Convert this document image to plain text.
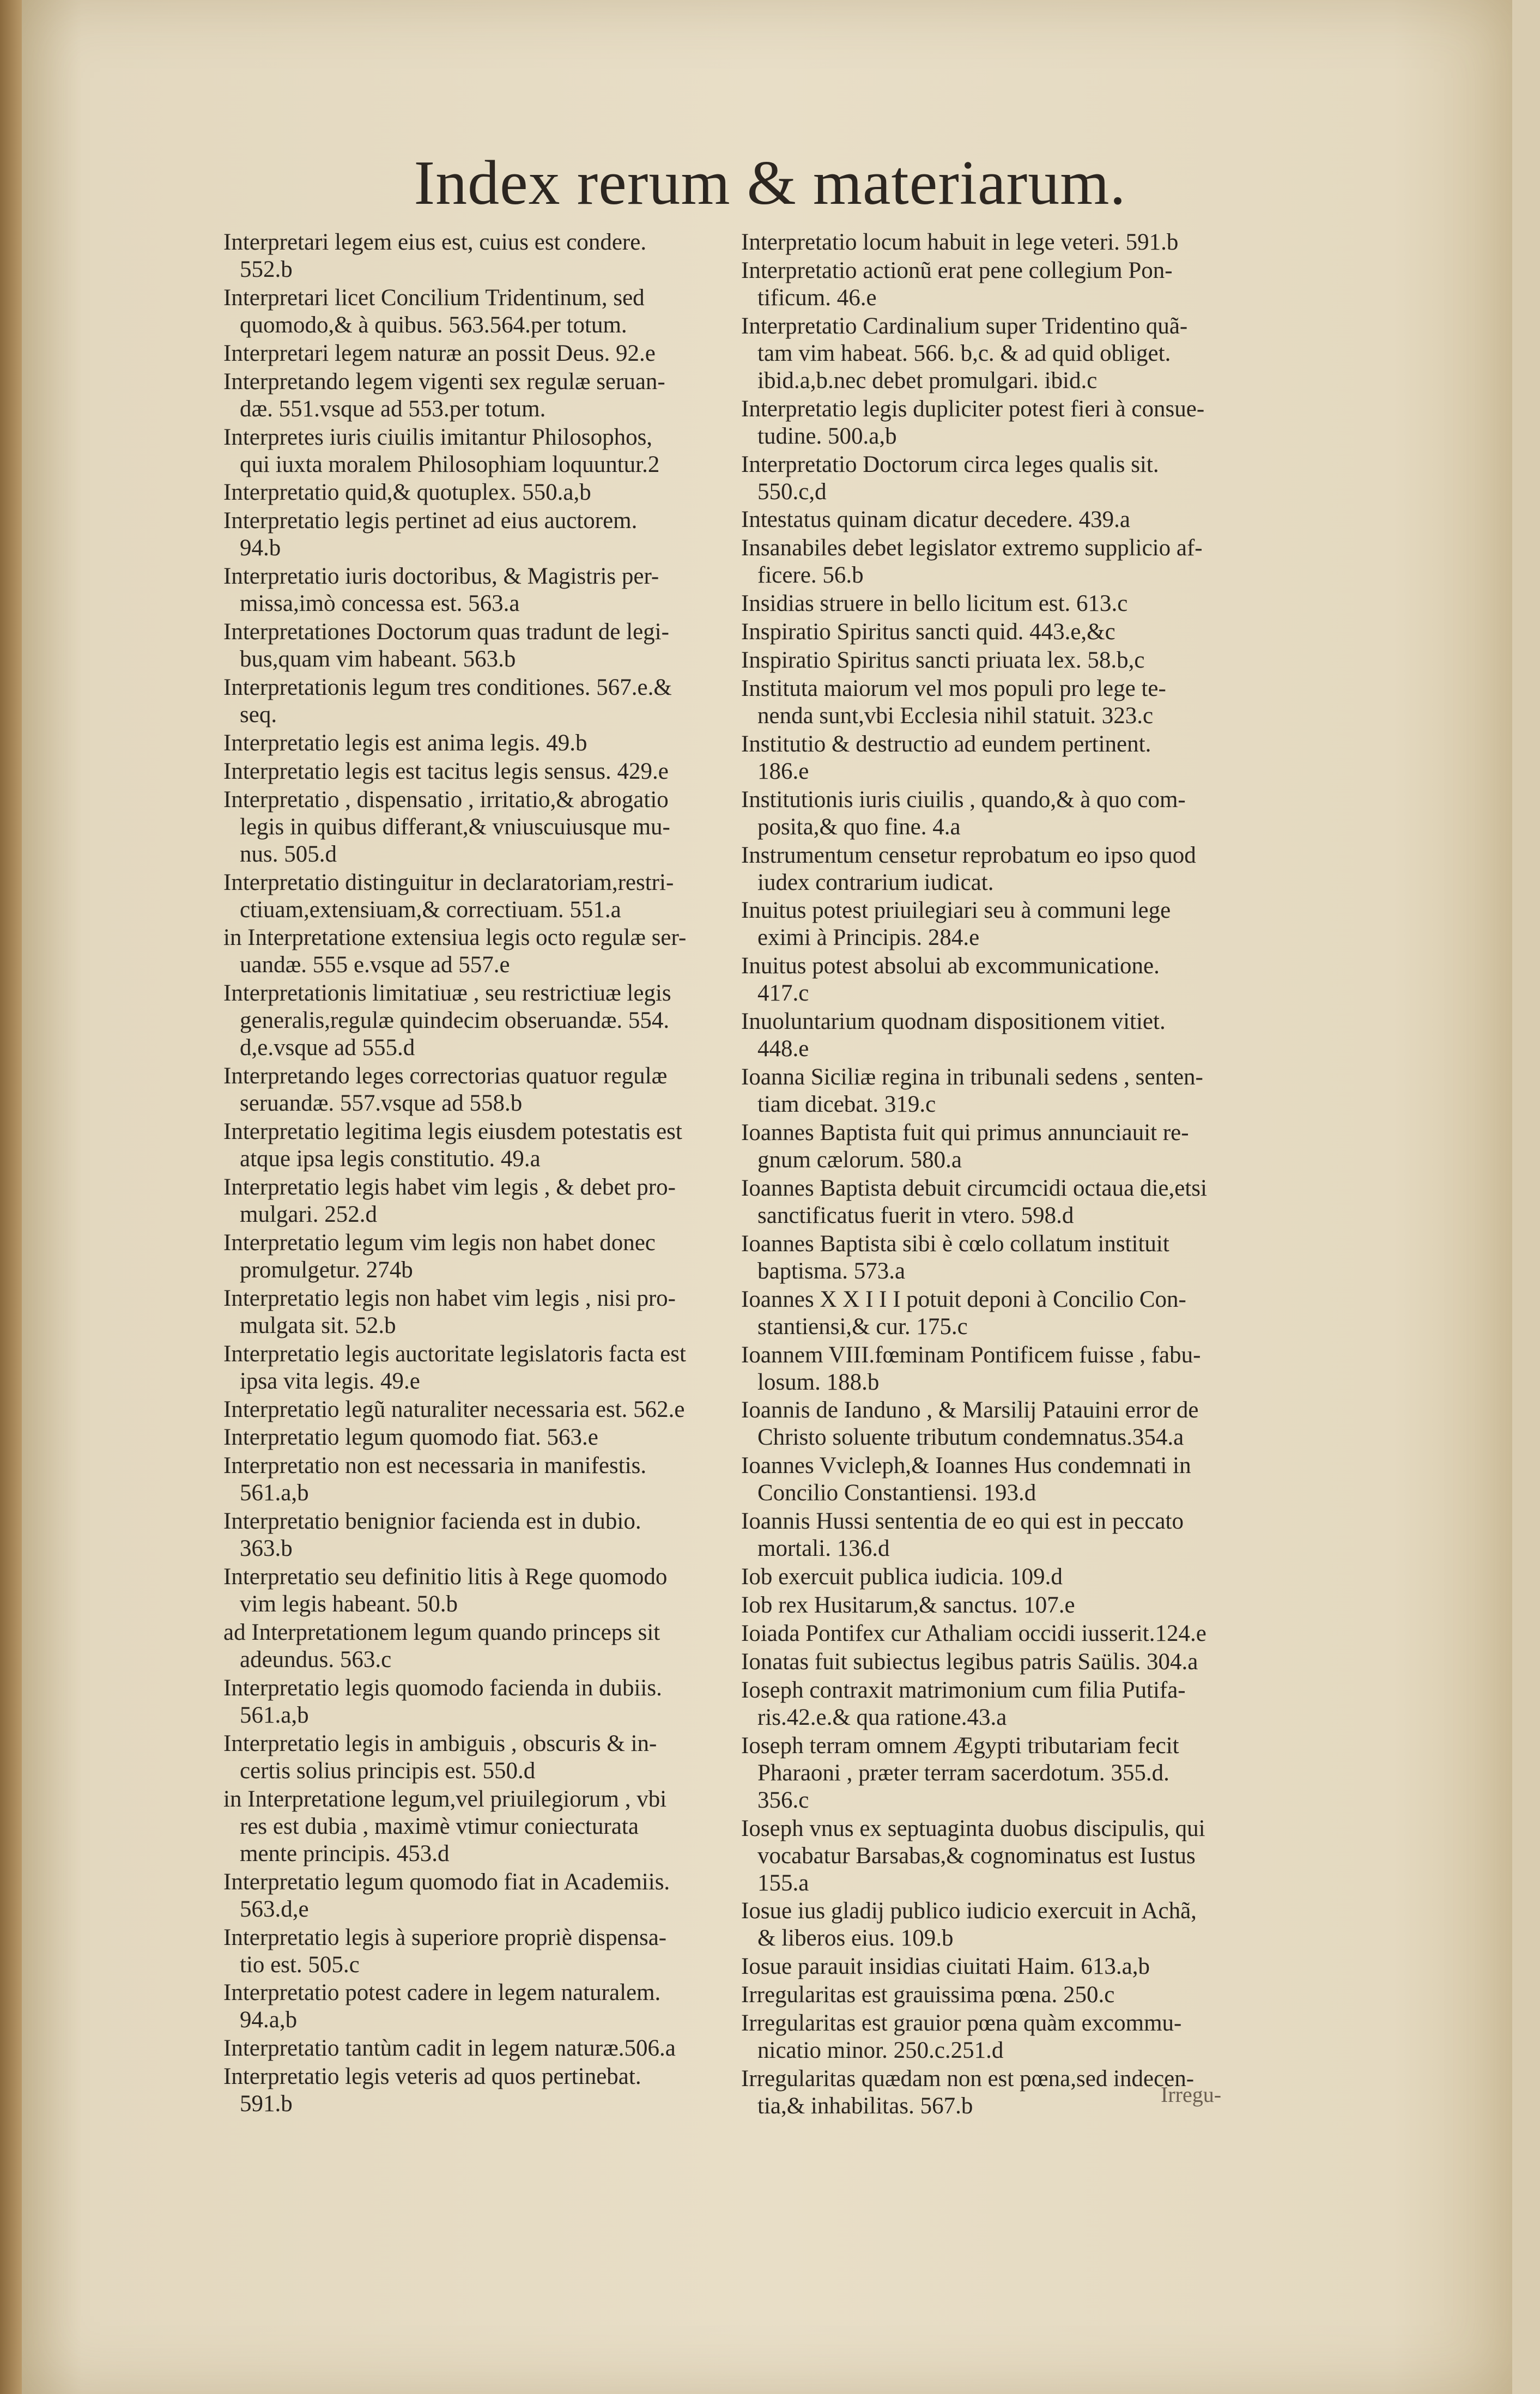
Index rerum & materiarum.
Interpretari legem eius est, cuius est condere.
552.b
Interpretari licet Concilium Tridentinum, sed
quomodo,& à quibus. 563.564.per totum.
Interpretari legem naturæ an possit Deus. 92.e
Interpretando legem vigenti sex regulæ seruan-
dæ. 551.vsque ad 553.per totum.
Interpretes iuris ciuilis imitantur Philosophos,
qui iuxta moralem Philosophiam loquuntur.2
Interpretatio quid,& quotuplex. 550.a,b
Interpretatio legis pertinet ad eius auctorem.
94.b
Interpretatio iuris doctoribus, & Magistris per-
missa,imò concessa est. 563.a
Interpretationes Doctorum quas tradunt de legi-
bus,quam vim habeant. 563.b
Interpretationis legum tres conditiones. 567.e.&
seq.
Interpretatio legis est anima legis. 49.b
Interpretatio legis est tacitus legis sensus. 429.e
Interpretatio , dispensatio , irritatio,& abrogatio
legis in quibus differant,& vniuscuiusque mu-
nus. 505.d
Interpretatio distinguitur in declaratoriam,restri-
ctiuam,extensiuam,& correctiuam. 551.a
in Interpretatione extensiua legis octo regulæ ser-
uandæ. 555 e.vsque ad 557.e
Interpretationis limitatiuæ , seu restrictiuæ legis
generalis,regulæ quindecim obseruandæ. 554.
d,e.vsque ad 555.d
Interpretando leges correctorias quatuor regulæ
seruandæ. 557.vsque ad 558.b
Interpretatio legitima legis eiusdem potestatis est
atque ipsa legis constitutio. 49.a
Interpretatio legis habet vim legis , & debet pro-
mulgari. 252.d
Interpretatio legum vim legis non habet donec
promulgetur. 274b
Interpretatio legis non habet vim legis , nisi pro-
mulgata sit. 52.b
Interpretatio legis auctoritate legislatoris facta est
ipsa vita legis. 49.e
Interpretatio legũ naturaliter necessaria est. 562.e
Interpretatio legum quomodo fiat. 563.e
Interpretatio non est necessaria in manifestis.
561.a,b
Interpretatio benignior facienda est in dubio.
363.b
Interpretatio seu definitio litis à Rege quomodo
vim legis habeant. 50.b
ad Interpretationem legum quando princeps sit
adeundus. 563.c
Interpretatio legis quomodo facienda in dubiis.
561.a,b
Interpretatio legis in ambiguis , obscuris & in-
certis solius principis est. 550.d
in Interpretatione legum,vel priuilegiorum , vbi
res est dubia , maximè vtimur coniecturata
mente principis. 453.d
Interpretatio legum quomodo fiat in Academiis.
563.d,e
Interpretatio legis à superiore propriè dispensa-
tio est. 505.c
Interpretatio potest cadere in legem naturalem.
94.a,b
Interpretatio tantùm cadit in legem naturæ.506.a
Interpretatio legis veteris ad quos pertinebat.
591.b
Interpretatio locum habuit in lege veteri. 591.b
Interpretatio actionũ erat pene collegium Pon-
tificum. 46.e
Interpretatio Cardinalium super Tridentino quã-
tam vim habeat. 566. b,c. & ad quid obliget.
ibid.a,b.nec debet promulgari. ibid.c
Interpretatio legis dupliciter potest fieri à consue-
tudine. 500.a,b
Interpretatio Doctorum circa leges qualis sit.
550.c,d
Intestatus quinam dicatur decedere. 439.a
Insanabiles debet legislator extremo supplicio af-
ficere. 56.b
Insidias struere in bello licitum est. 613.c
Inspiratio Spiritus sancti quid. 443.e,&c
Inspiratio Spiritus sancti priuata lex. 58.b,c
Instituta maiorum vel mos populi pro lege te-
nenda sunt,vbi Ecclesia nihil statuit. 323.c
Institutio & destructio ad eundem pertinent.
186.e
Institutionis iuris ciuilis , quando,& à quo com-
posita,& quo fine. 4.a
Instrumentum censetur reprobatum eo ipso quod
iudex contrarium iudicat.
Inuitus potest priuilegiari seu à communi lege
eximi à Principis. 284.e
Inuitus potest absolui ab excommunicatione.
417.c
Inuoluntarium quodnam dispositionem vitiet.
448.e
Ioanna Siciliæ regina in tribunali sedens , senten-
tiam dicebat. 319.c
Ioannes Baptista fuit qui primus annunciauit re-
gnum cælorum. 580.a
Ioannes Baptista debuit circumcidi octaua die,etsi
sanctificatus fuerit in vtero. 598.d
Ioannes Baptista sibi è cœlo collatum instituit
baptisma. 573.a
Ioannes X X I I I potuit deponi à Concilio Con-
stantiensi,& cur. 175.c
Ioannem VIII.fœminam Pontificem fuisse , fabu-
losum. 188.b
Ioannis de Ianduno , & Marsilij Patauini error de
Christo soluente tributum condemnatus.354.a
Ioannes Vvicleph,& Ioannes Hus condemnati in
Concilio Constantiensi. 193.d
Ioannis Hussi sententia de eo qui est in peccato
mortali. 136.d
Iob exercuit publica iudicia. 109.d
Iob rex Husitarum,& sanctus. 107.e
Ioiada Pontifex cur Athaliam occidi iusserit.124.e
Ionatas fuit subiectus legibus patris Saülis. 304.a
Ioseph contraxit matrimonium cum filia Putifa-
ris.42.e.& qua ratione.43.a
Ioseph terram omnem Ægypti tributariam fecit
Pharaoni , præter terram sacerdotum. 355.d.
356.c
Ioseph vnus ex septuaginta duobus discipulis, qui
vocabatur Barsabas,& cognominatus est Iustus
155.a
Iosue ius gladij publico iudicio exercuit in Achã,
& liberos eius. 109.b
Iosue parauit insidias ciuitati Haim. 613.a,b
Irregularitas est grauissima pœna. 250.c
Irregularitas est grauior pœna quàm excommu-
nicatio minor. 250.c.251.d
Irregularitas quædam non est pœna,sed indecen-
tia,& inhabilitas. 567.b	Irregu-
